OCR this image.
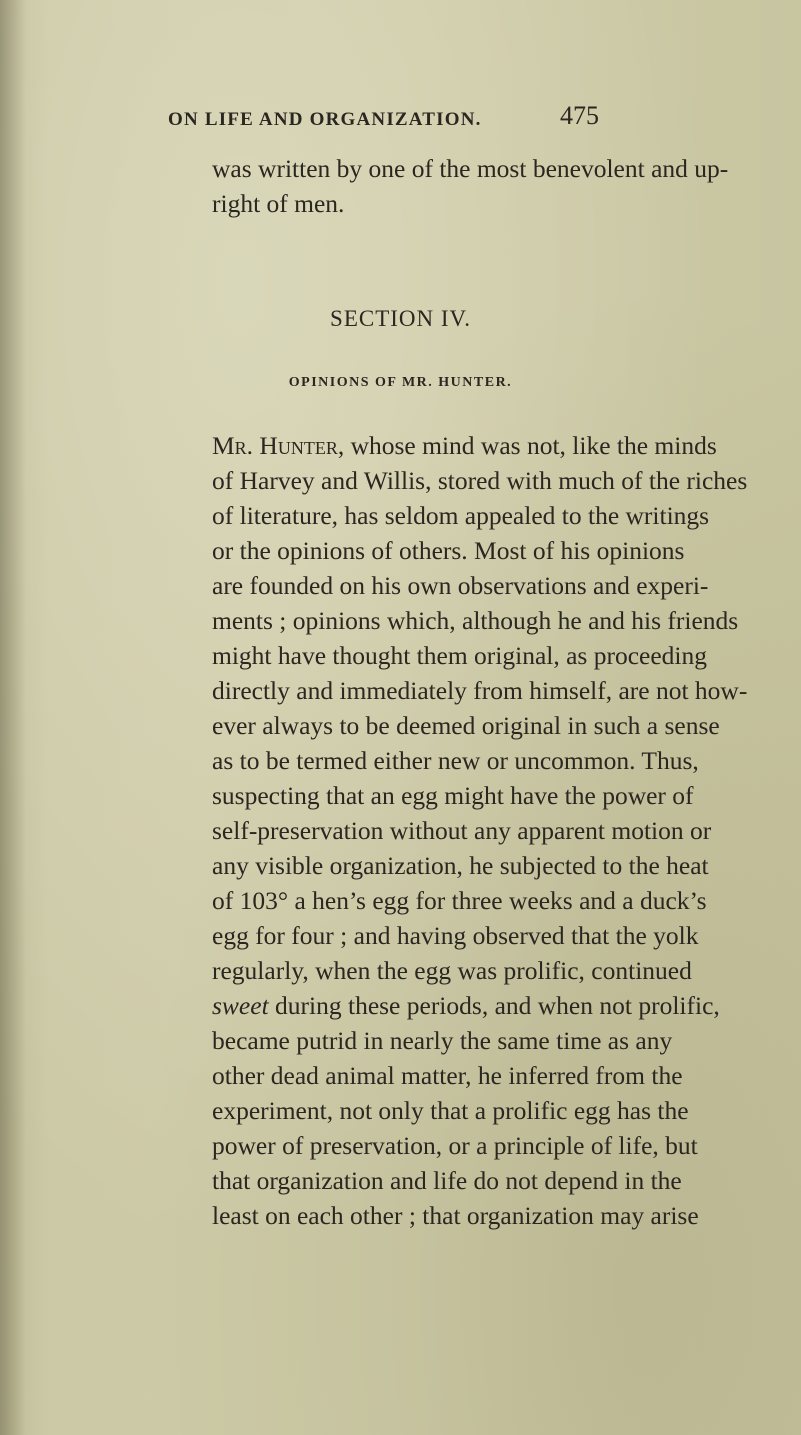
ON LIFE AND ORGANIZATION.	475
was written by one of the most benevolent and up-
right of men.
SECTION IV.
OPINIONS OF MR. HUNTER.
Mr. Hunter, whose mind was not, like the minds
of Harvey and Willis, stored with much of the riches
of literature, has seldom appealed to the writings
or the opinions of others. Most of his opinions
are founded on his own observations and experi-
ments ; opinions which, although he and his friends
might have thought them original, as proceeding
directly and immediately from himself, are not how-
ever always to be deemed original in such a sense
as to be termed either new or uncommon. Thus,
suspecting that an egg might have the power of
self-preservation without any apparent motion or
any visible organization, he subjected to the heat
of 103° a hen’s egg for three weeks and a duck’s
egg for four ; and having observed that the yolk
regularly, when the egg was prolific, continued
sweet during these periods, and when not prolific,
became putrid in nearly the same time as any
other dead animal matter, he inferred from the
experiment, not only that a prolific egg has the
power of preservation, or a principle of life, but
that organization and life do not depend in the
least on each other ; that organization may arise
